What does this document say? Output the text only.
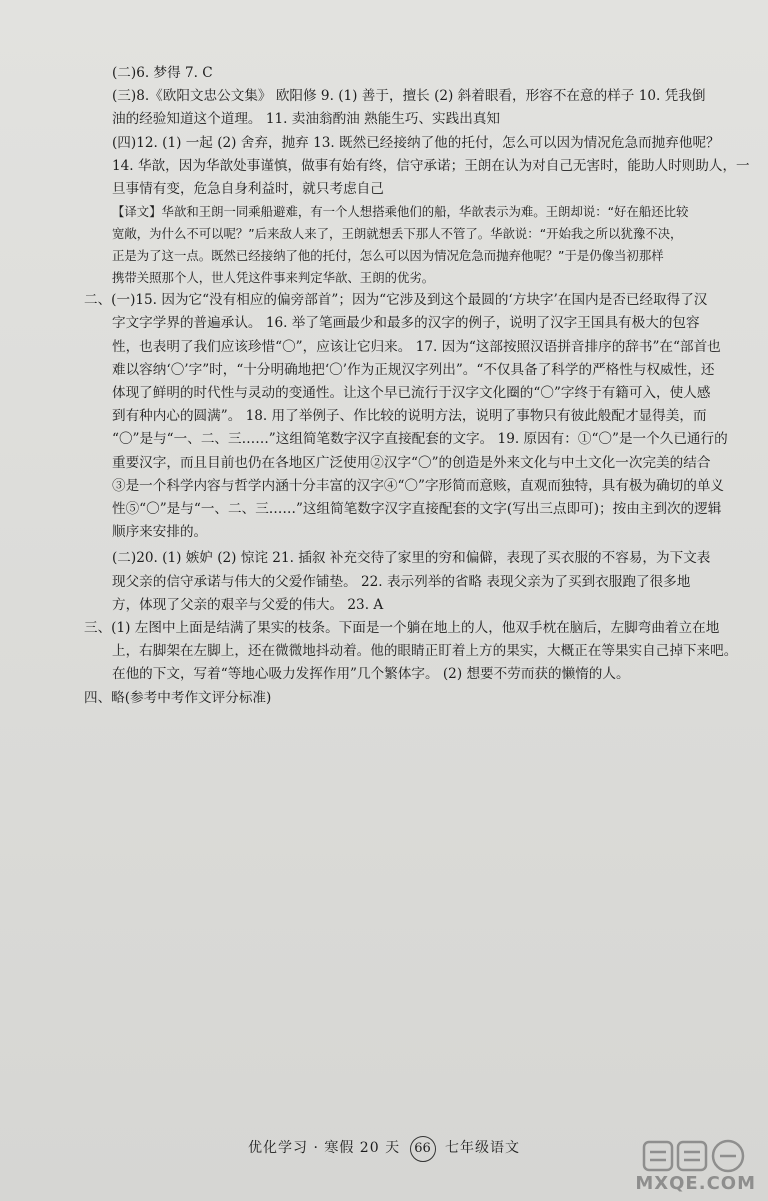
(二)6. 梦得 7. C
(三)8.《欧阳文忠公文集》 欧阳修 9. (1) 善于，擅长 (2) 斜着眼看，形容不在意的样子 10. 凭我倒
油的经验知道这个道理。 11. 卖油翁酌油 熟能生巧、实践出真知
(四)12. (1) 一起 (2) 舍弃，抛弃 13. 既然已经接纳了他的托付，怎么可以因为情况危急而抛弃他呢？
14. 华歆，因为华歆处事谨慎，做事有始有终，信守承诺；王朗在认为对自己无害时，能助人时则助人，一
旦事情有变，危急自身利益时，就只考虑自己
【译文】华歆和王朗一同乘船避难，有一个人想搭乘他们的船，华歆表示为难。王朗却说：“好在船还比较
宽敞，为什么不可以呢？”后来敌人来了，王朗就想丢下那人不管了。华歆说：“开始我之所以犹豫不决，
正是为了这一点。既然已经接纳了他的托付，怎么可以因为情况危急而抛弃他呢？”于是仍像当初那样
携带关照那个人，世人凭这件事来判定华歆、王朗的优劣。
二、(一)15. 因为它“没有相应的偏旁部首”；因为“它涉及到这个最圆的‘方块字’在国内是否已经取得了汉
字文字学界的普遍承认。 16. 举了笔画最少和最多的汉字的例子，说明了汉字王国具有极大的包容
性，也表明了我们应该珍惜“〇”，应该让它归来。 17. 因为“这部按照汉语拼音排序的辞书”在“部首也
难以容纳‘〇’字”时，“十分明确地把‘〇’作为正规汉字列出”。“不仅具备了科学的严格性与权威性，还
体现了鲜明的时代性与灵动的变通性。让这个早已流行于汉字文化圈的“〇”字终于有籍可入，使人感
到有种内心的圆满”。 18. 用了举例子、作比较的说明方法，说明了事物只有彼此般配才显得美，而
“〇”是与“一、二、三……”这组简笔数字汉字直接配套的文字。 19. 原因有：①“〇”是一个久已通行的
重要汉字，而且目前也仍在各地区广泛使用②汉字“〇”的创造是外来文化与中土文化一次完美的结合
③是一个科学内容与哲学内涵十分丰富的汉字④“〇”字形简而意赅，直观而独特，具有极为确切的单义
性⑤“〇”是与“一、二、三……”这组简笔数字汉字直接配套的文字(写出三点即可)；按由主到次的逻辑
顺序来安排的。
(二)20. (1) 嫉妒 (2) 惊诧 21. 插叙 补充交待了家里的穷和偏僻，表现了买衣服的不容易，为下文表
现父亲的信守承诺与伟大的父爱作铺垫。 22. 表示列举的省略 表现父亲为了买到衣服跑了很多地
方，体现了父亲的艰辛与父爱的伟大。 23. A
三、(1) 左图中上面是结满了果实的枝条。下面是一个躺在地上的人，他双手枕在脑后，左脚弯曲着立在地
上，右脚架在左脚上，还在微微地抖动着。他的眼睛正盯着上方的果实，大概正在等果实自己掉下来吧。
在他的下文，写着“等地心吸力发挥作用”几个繁体字。 (2) 想要不劳而获的懒惰的人。
四、略(参考中考作文评分标准)
优化学习 · 寒假 20 天 66 七年级语文
MXQE.COM
